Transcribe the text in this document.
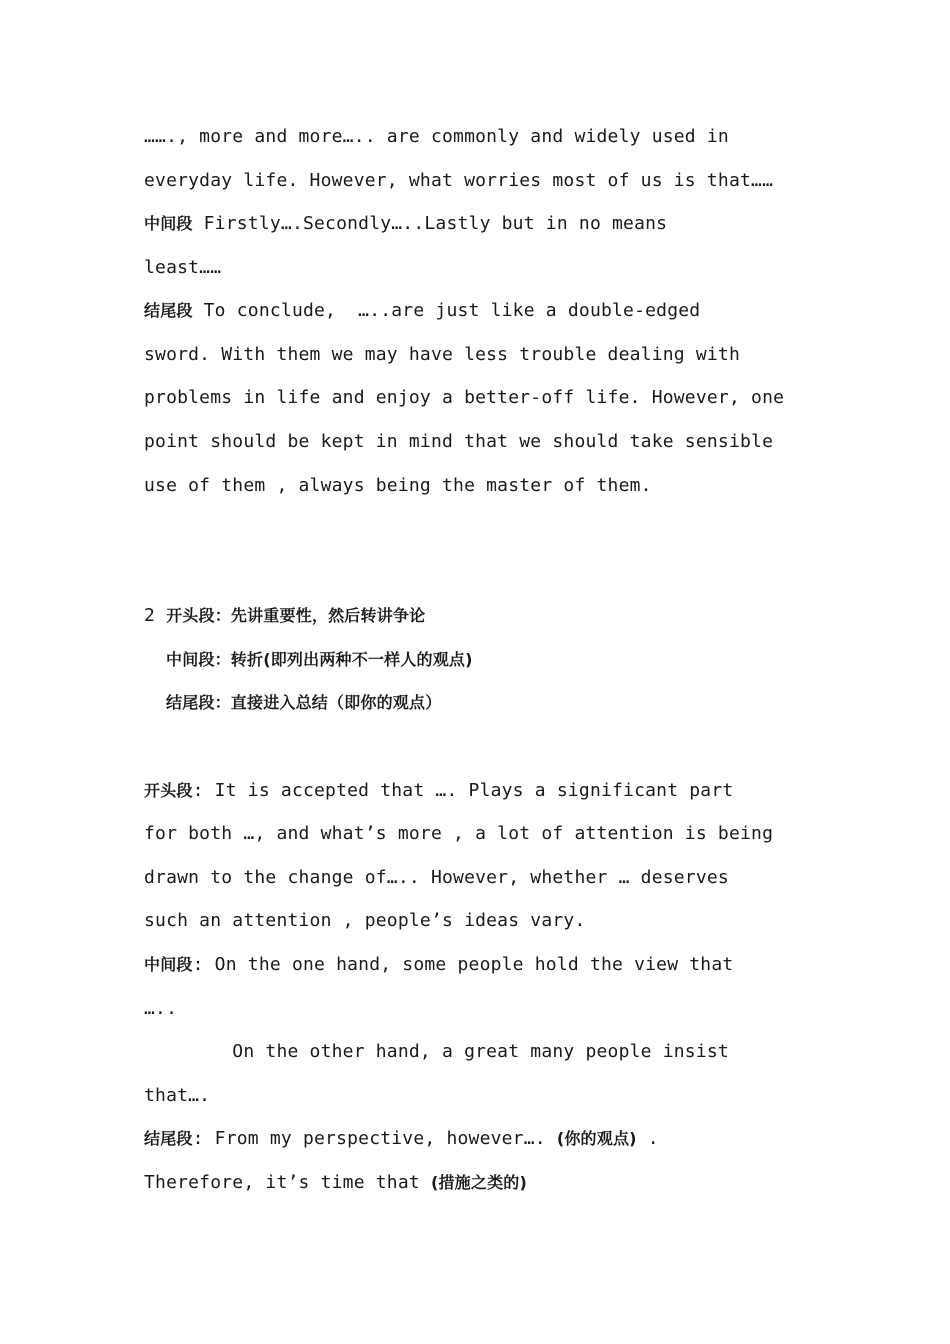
……., more and more….. are commonly and widely used in
everyday life. However, what worries most of us is that……
中间段 Firstly….Secondly…..Lastly but in no means
least……
结尾段 To conclude,  …..are just like a double-edged
sword. With them we may have less trouble dealing with
problems in life and enjoy a better-off life. However, one
point should be kept in mind that we should take sensible
use of them , always being the master of them.
2 开头段：先讲重要性，然后转讲争论
中间段：转折(即列出两种不一样人的观点)
结尾段：直接进入总结（即你的观点）
开头段: It is accepted that …. Plays a significant part
for both …, and what’s more , a lot of attention is being
drawn to the change of….. However, whether … deserves
such an attention , people’s ideas vary.
中间段: On the one hand, some people hold the view that
…..
On the other hand, a great many people insist
that….
结尾段: From my perspective, however…. (你的观点) .
Therefore, it’s time that (措施之类的)
